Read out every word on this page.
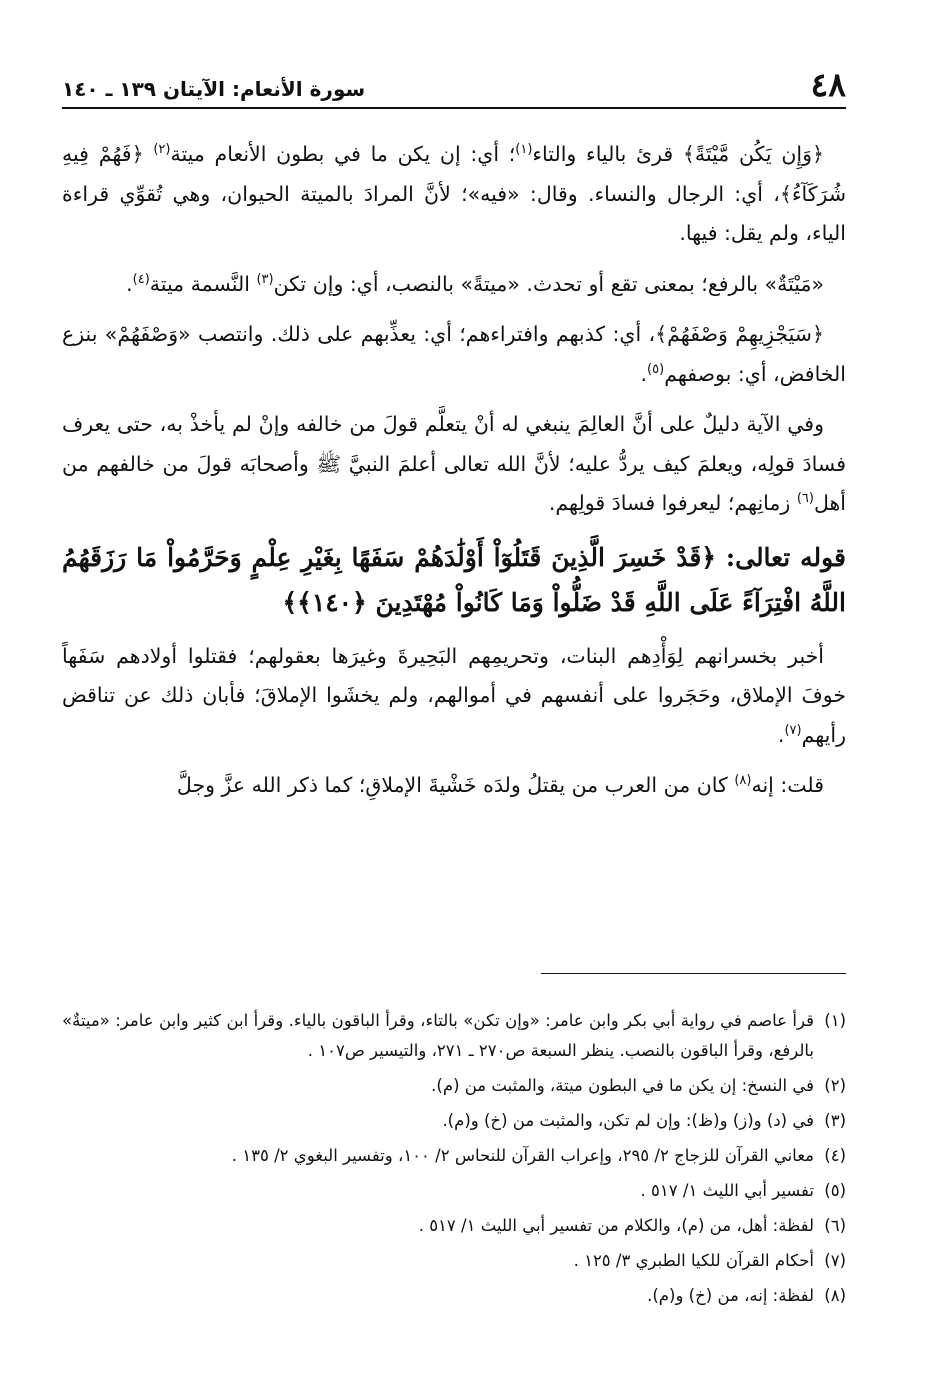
٤٨
سورة الأنعام: الآيتان ١٣٩ ـ ١٤٠

﴿وَإِن يَكُن مَّيْتَةً﴾ قرئ بالياء والتاء$^{(١)}$؛ أي: إن يكن ما في بطون الأنعام ميتة$^{(٢)}$ ﴿فَهُمْ فِيهِ شُرَكَآءُ﴾، أي: الرجال والنساء. وقال: «فيه»؛ لأنَّ المرادَ بالميتة الحيوان، وهي تُقوِّي قراءة الياء، ولم يقل: فيها.

«مَيْتَةٌ» بالرفع؛ بمعنى تقع أو تحدث. «ميتةً» بالنصب، أي: وإن تكن$^{(٣)}$ النَّسمة ميتة$^{(٤)}$.

﴿سَيَجْزِيهِمْ وَصْفَهُمْ﴾، أي: كذبهم وافتراءهم؛ أي: يعذِّبهم على ذلك. وانتصب «وَصْفَهُمْ» بنزع الخافض، أي: بوصفهم$^{(٥)}$.

وفي الآية دليلٌ على أنَّ العالِمَ ينبغي له أنْ يتعلَّم قولَ من خالفه وإنْ لم يأخذْ به، حتى يعرف فسادَ قولِه، ويعلمَ كيف يردُّ عليه؛ لأنَّ الله تعالى أعلمَ النبيَّ ﷺ وأصحابَه قولَ من خالفهم من أهل$^{(٦)}$ زمانِهم؛ ليعرفوا فسادَ قولِهم.

قوله تعالى: ﴿قَدْ خَسِرَ الَّذِينَ قَتَلُوٓاْ أَوْلَٰدَهُمْ سَفَهًا بِغَيْرِ عِلْمٍ وَحَرَّمُواْ مَا رَزَقَهُمُ اللَّهُ افْتِرَآءً عَلَى اللَّهِ قَدْ ضَلُّواْ وَمَا كَانُواْ مُهْتَدِينَ ﴿١٤٠﴾﴾

أخبر بخسرانهم لِوَأْدِهم البنات، وتحريمِهم البَحِيرةَ وغيرَها بعقولهم؛ فقتلوا أولادهم سَفَهاً خوفَ الإملاق، وحَجَروا على أنفسهم في أموالهم، ولم يخشَوا الإملاقَ؛ فأبان ذلك عن تناقض رأيهم$^{(٧)}$.

قلت: إنه$^{(٨)}$ كان من العرب من يقتلُ ولدَه خَشْيةَ الإملاقِ؛ كما ذكر الله عزَّ وجلَّ

(١)
قرأ عاصم في رواية أبي بكر وابن عامر: «وإن تكن» بالتاء، وقرأ الباقون بالياء. وقرأ ابن كثير وابن عامر: «ميتةٌ» بالرفع، وقرأ الباقون بالنصب. ينظر السبعة ص٢٧٠ ـ ٢٧١، والتيسير ص١٠٧ .
(٢)
في النسخ: إن يكن ما في البطون ميتة، والمثبت من (م).
(٣)
في (د) و(ز) و(ظ): وإن لم تكن، والمثبت من (خ) و(م).
(٤)
معاني القرآن للزجاج ٢/ ٢٩٥، وإعراب القرآن للنحاس ٢/ ١٠٠، وتفسير البغوي ٢/ ١٣٥ .
(٥)
تفسير أبي الليث ١/ ٥١٧ .
(٦)
لفظة: أهل، من (م)، والكلام من تفسير أبي الليث ١/ ٥١٧ .
(٧)
أحكام القرآن للكيا الطبري ٣/ ١٢٥ .
(٨)
لفظة: إنه، من (خ) و(م).
